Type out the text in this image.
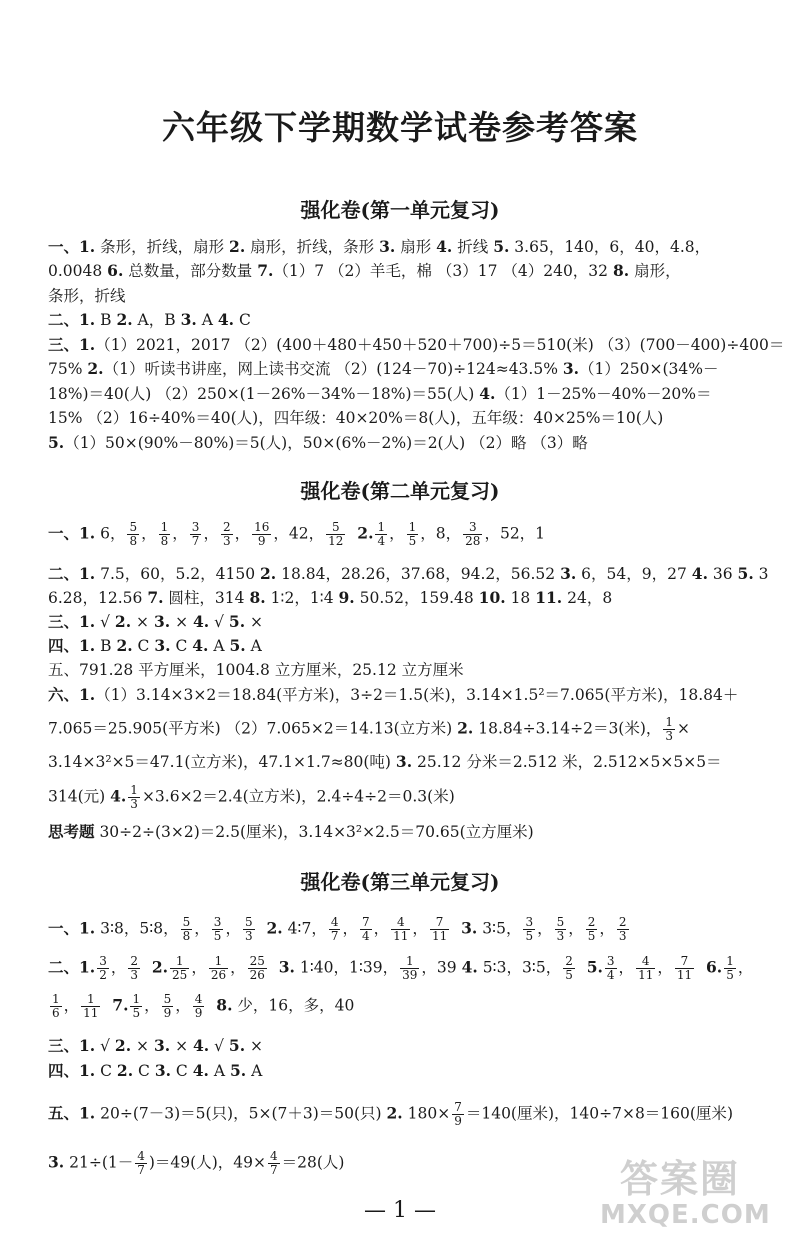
六年级下学期数学试卷参考答案
强化卷(第一单元复习)
一、1. 条形，折线，扇形 2. 扇形，折线，条形 3. 扇形 4. 折线 5. 3.65，140，6，40，4.8，
0.0048 6. 总数量，部分数量 7.（1）7 （2）羊毛，棉 （3）17 （4）240，32 8. 扇形，
条形，折线
二、1. B 2. A，B 3. A 4. C
三、1.（1）2021，2017 （2）(400＋480＋450＋520＋700)÷5＝510(米) （3）(700－400)÷400＝
75% 2.（1）听读书讲座，网上读书交流 （2）(124－70)÷124≈43.5% 3.（1）250×(34%－
18%)＝40(人) （2）250×(1－26%－34%－18%)＝55(人) 4.（1）1－25%－40%－20%＝
15% （2）16÷40%＝40(人)，四年级：40×20%＝8(人)，五年级：40×25%＝10(人)
5.（1）50×(90%－80%)＝5(人)，50×(6%－2%)＝2(人) （2）略 （3）略
强化卷(第二单元复习)
一、1. 6， $\frac{5}{8}$ ， $\frac{1}{8}$ ， $\frac{3}{7}$ ， $\frac{2}{3}$ ， $\frac{16}{9}$ ，42， $\frac{5}{12} 2$. $\frac{1}{4}$ ， $\frac{1}{5}$ ，8， $\frac{3}{28}$ ，52，1
二、1. 7.5，60，5.2，4150 2. 18.84，28.26，37.68，94.2，56.52 3. 6，54，9，27 4. 36 5. 3
6.28，12.56 7. 圆柱，314 8. 1∶2，1∶4 9. 50.52，159.48 10. 18 11. 24，8
三、1. √ 2. × 3. × 4. √ 5. ×
四、1. B 2. C 3. C 4. A 5. A
五、791.28 平方厘米，1004.8 立方厘米，25.12 立方厘米
六、1.（1）3.14×3×2＝18.84(平方米)，3÷2＝1.5(米)，3.14×1.5²＝7.065(平方米)，18.84＋
7.065＝25.905(平方米) （2）7.065×2＝14.13(立方米) 2. 18.84÷3.14÷2＝3(米)， $\frac{1}{3}$ ×
3.14×3²×5＝47.1(立方米)，47.1×1.7≈80(吨) 3. 25.12 分米＝2.512 米，2.512×5×5×5＝
314(元) 4. $\frac{1}{3} \times 3.6\times 2=2.4$(立方米)，2.4÷4÷2＝0.3(米)
思考题 30÷2÷(3×2)＝2.5(厘米)，3.14×3²×2.5＝70.65(立方厘米)
强化卷(第三单元复习)
一、1. 3∶8，5∶8， $\frac{5}{8}$ ， $\frac{3}{5}$ ， $\frac{5}{3} 2$. 4∶7， $\frac{4}{7}$ ， $\frac{7}{4}$ ， $\frac{4}{11}$ ， $\frac{7}{11} 3$. 3∶5， $\frac{3}{5}$ ， $\frac{5}{3}$ ， $\frac{2}{5}$ ， $\frac{2}{3}$
二、1. $\frac{3}{2}$ ， $\frac{2}{3} 2$. $\frac{1}{25}$ ， $\frac{1}{26}$ ， $\frac{25}{26} 3$. 1∶40，1∶39， $\frac{1}{39}$ ，39 4. 5∶3，3∶5， $\frac{2}{5} 5$. $\frac{3}{4}$ ， $\frac{4}{11}$ ， $\frac{7}{11} 6$. $\frac{1}{5}$ ，
$\frac{1}{6}$ ， $\frac{1}{11} 7$. $\frac{1}{5}$ ， $\frac{5}{9}$ ， $\frac{4}{9} 8$. 少，16，多，40
三、1. √ 2. × 3. × 4. √ 5. ×
四、1. C 2. C 3. C 4. A 5. A
五、1. 20÷(7－3)＝5(只)，5×(7＋3)＝50(只) 2. $180\times \frac{7}{9} =140$(厘米)，140÷7×8＝160(厘米)
3. $21\div(1- \frac{4}{7} )=49$(人)，$49\times \frac{4}{7} =28$(人)
— 1 —
答案圈
MXQE.COM
